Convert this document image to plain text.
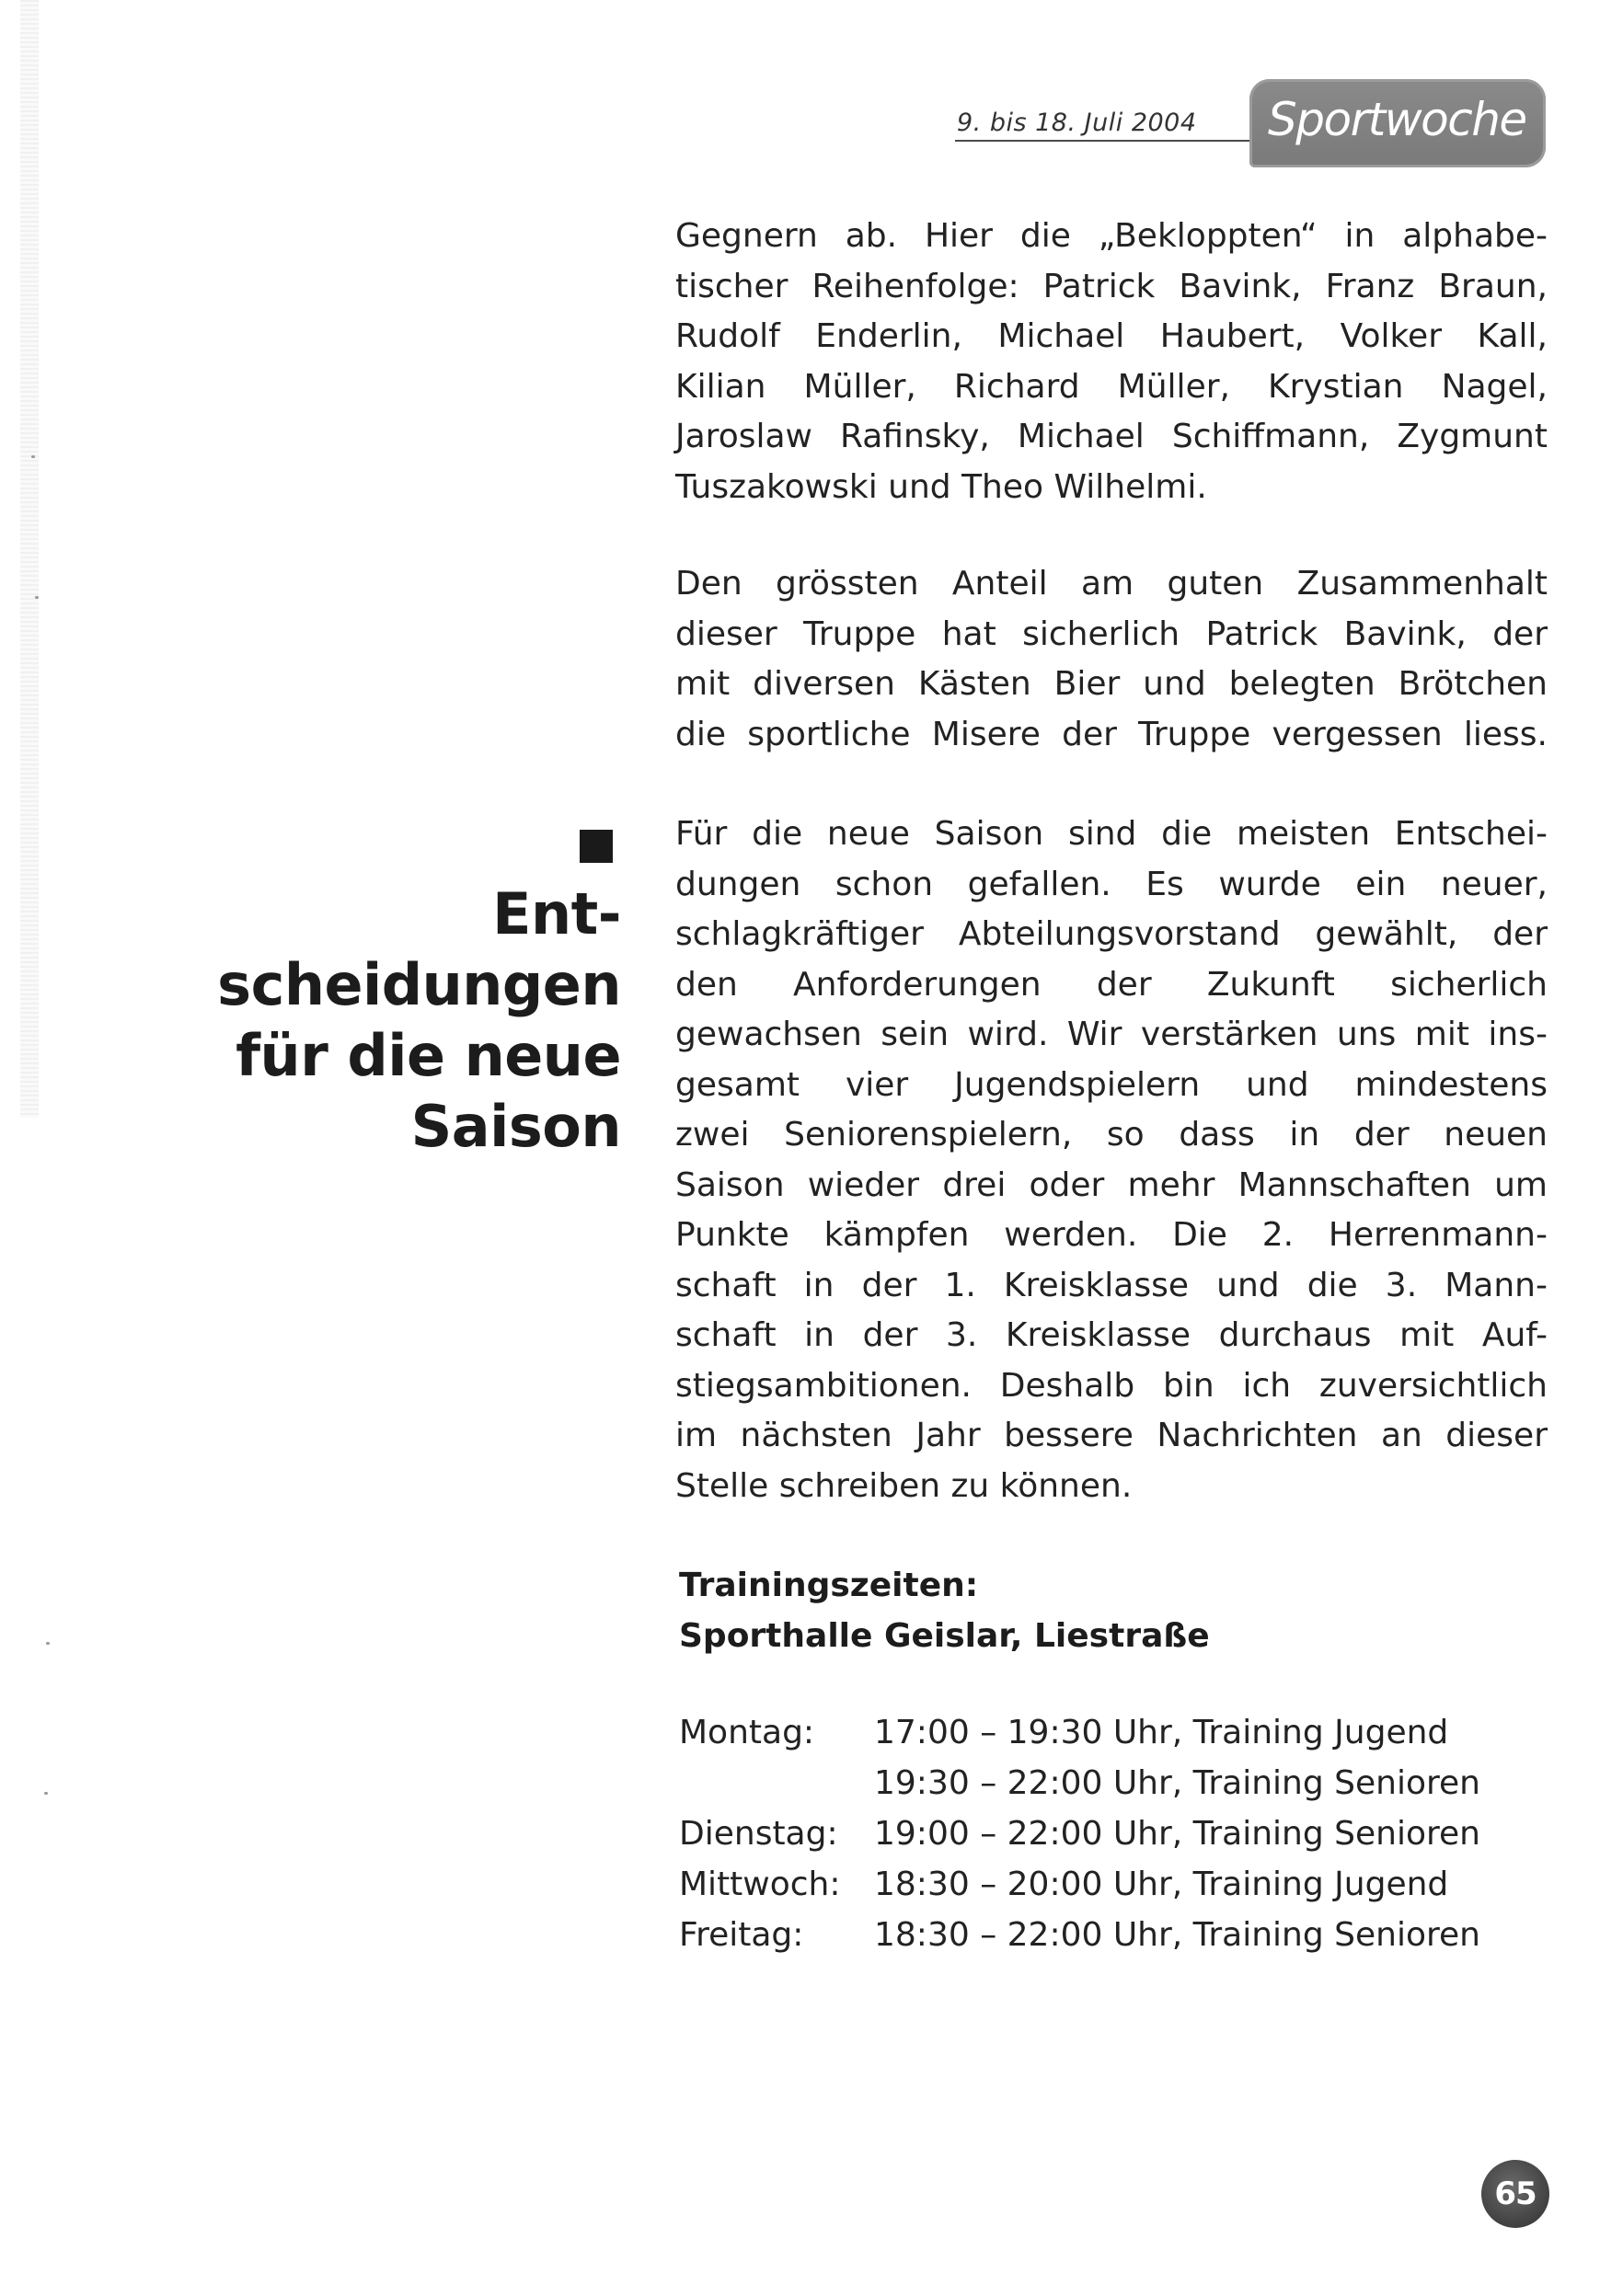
9. bis 18. Juli 2004	Sportwoche
Gegnern ab. Hier die „Bekloppten“ in alphabe-
tischer Reihenfolge: Patrick Bavink, Franz Braun,
Rudolf Enderlin, Michael Haubert, Volker Kall,
Kilian Müller, Richard Müller, Krystian Nagel,
Jaroslaw Rafinsky, Michael Schiffmann, Zygmunt
Tuszakowski und Theo Wilhelmi.
Den grössten Anteil am guten Zusammenhalt
dieser Truppe hat sicherlich Patrick Bavink, der
mit diversen Kästen Bier und belegten Brötchen
die sportliche Misere der Truppe vergessen liess.
Ent-
scheidungen
für die neue
Saison
Für die neue Saison sind die meisten Entschei-
dungen schon gefallen. Es wurde ein neuer,
schlagkräftiger Abteilungsvorstand gewählt, der
den Anforderungen der Zukunft sicherlich
gewachsen sein wird. Wir verstärken uns mit ins-
gesamt vier Jugendspielern und mindestens
zwei Seniorenspielern, so dass in der neuen
Saison wieder drei oder mehr Mannschaften um
Punkte kämpfen werden. Die 2. Herrenmann-
schaft in der 1. Kreisklasse und die 3. Mann-
schaft in der 3. Kreisklasse durchaus mit Auf-
stiegsambitionen. Deshalb bin ich zuversichtlich
im nächsten Jahr bessere Nachrichten an dieser
Stelle schreiben zu können.
Trainingszeiten:
Sporthalle Geislar, Liestraße
Montag: 17:00 – 19:30 Uhr, Training Jugend
19:30 – 22:00 Uhr, Training Senioren
Dienstag: 19:00 – 22:00 Uhr, Training Senioren
Mittwoch: 18:30 – 20:00 Uhr, Training Jugend
Freitag: 18:30 – 22:00 Uhr, Training Senioren
65
